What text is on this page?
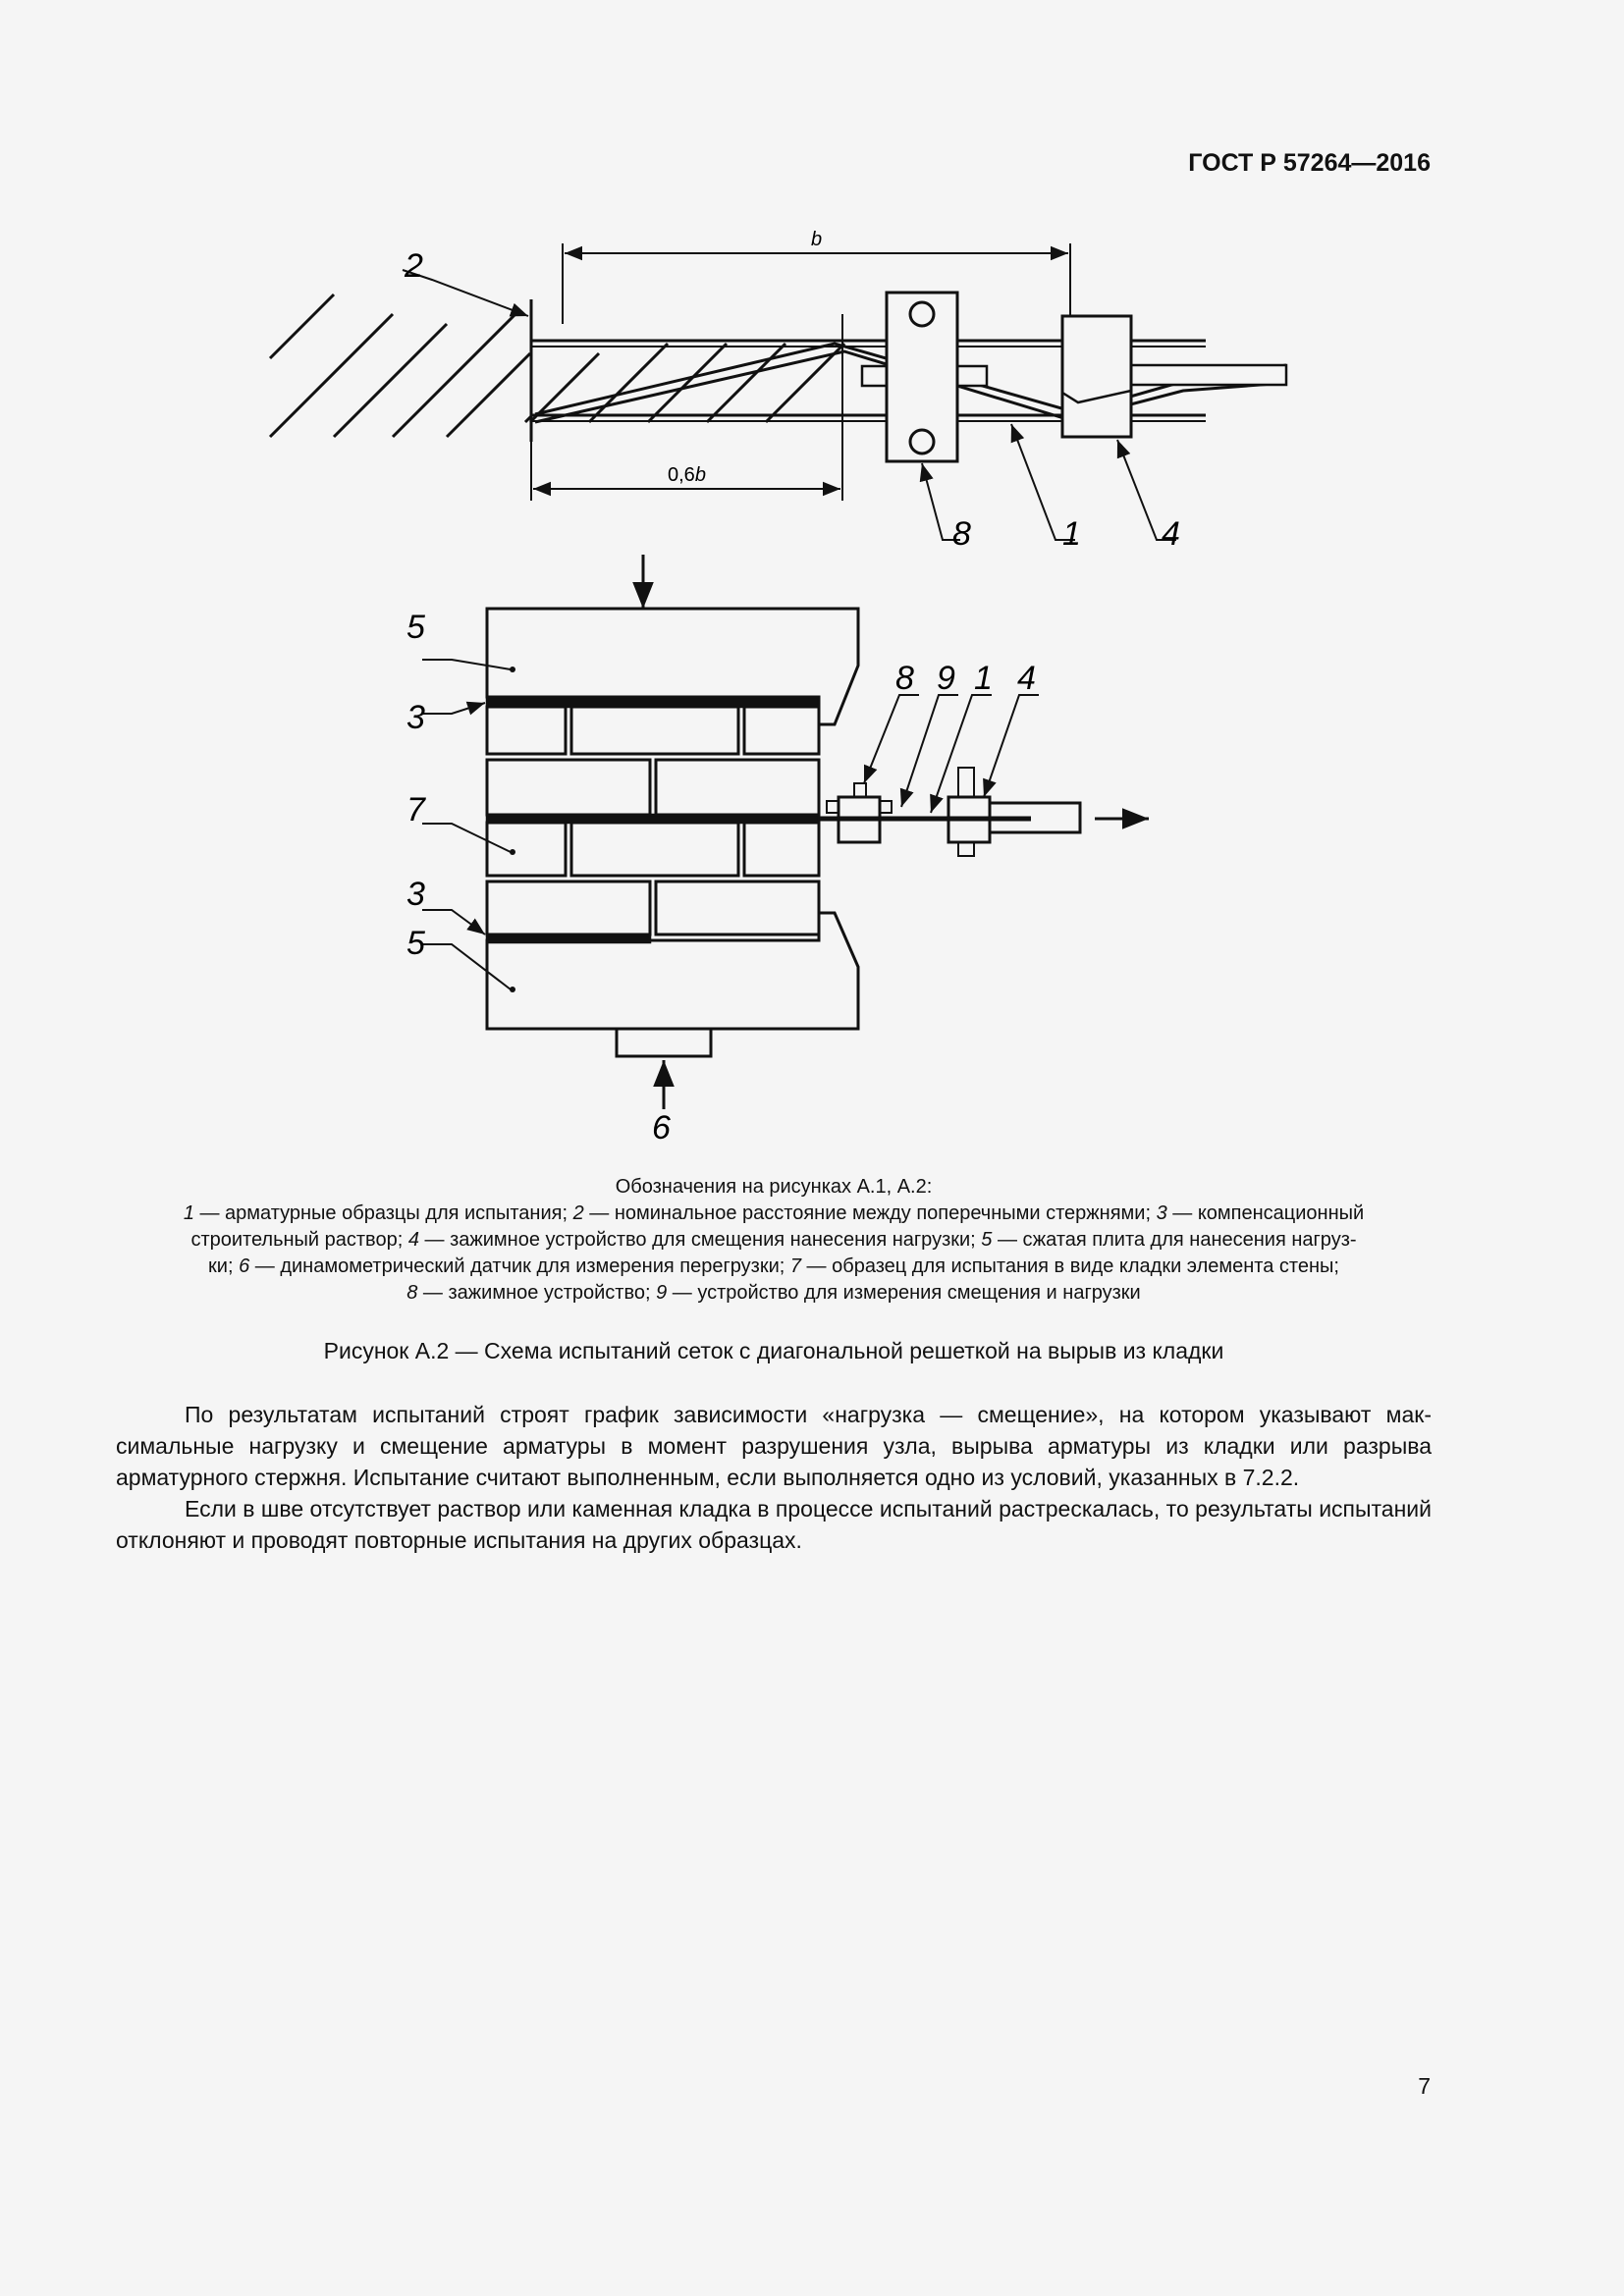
ГОСТ Р 57264—2016
2
b
0,6b
8	1 4
5
3
7
3
5
6
8 9 1 4
Обозначения на рисунках А.1, А.2:
1 — арматурные образцы для испытания; 2 — номинальное расстояние между поперечными стержнями; 3 — компенсационный
строительный раствор; 4 — зажимное устройство для смещения нанесения нагрузки; 5 — сжатая плита для нанесения нагруз-
ки; 6 — динамометрический датчик для измерения перегрузки; 7 — образец для испытания в виде кладки элемента стены;
8 — зажимное устройство; 9 — устройство для измерения смещения и нагрузки
Рисунок А.2 — Схема испытаний сеток с диагональной решеткой на вырыв из кладки

По результатам испытаний строят график зависимости «нагрузка — смещение», на котором указывают максимальные нагрузку и смещение арматуры в момент разрушения узла, вырыва арматуры из кладки или разрыва арматурного стержня. Испытание считают выполненным, если выполняется одно из условий, указанных в 7.2.2.

Если в шве отсутствует раствор или каменная кладка в процессе испытаний растрескалась, то результаты испытаний отклоняют и проводят повторные испытания на других образцах.

7
